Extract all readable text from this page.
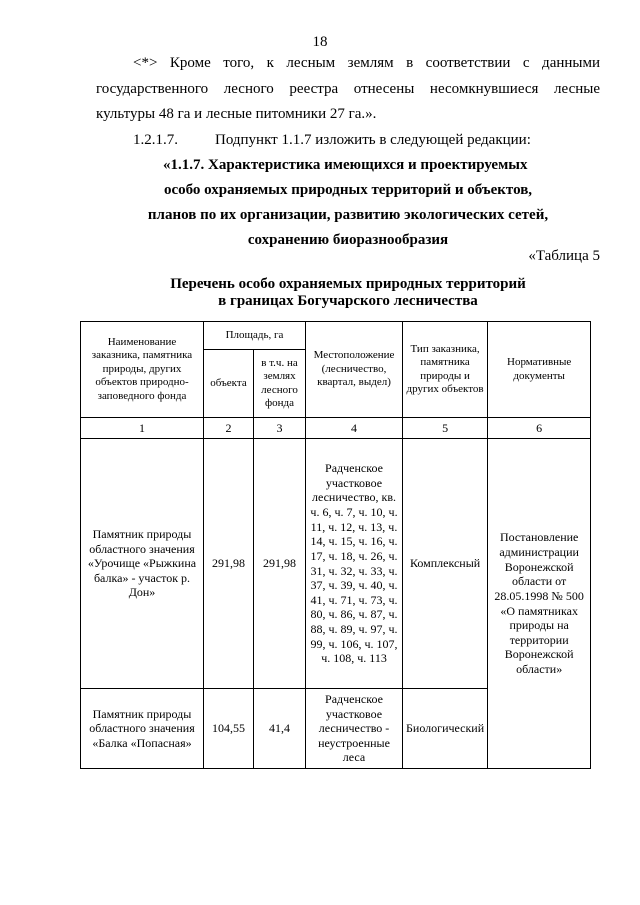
18
<*> Кроме того, к лесным землям в соответствии с данными
государственного лесного реестра отнесены несомкнувшиеся лесные
культуры 48 га и лесные питомники 27 га.».
1.2.1.7. Подпункт 1.1.7 изложить в следующей редакции:
«1.1.7. Характеристика имеющихся и проектируемых
особо охраняемых природных территорий и объектов,
планов по их организации, развитию экологических сетей,
сохранению биоразнообразия
«Таблица 5
Перечень особо охраняемых природных территорий
в границах Богучарского лесничества
Наименование заказника, памятника природы, других объектов природно-заповедного фонда	Площадь, га		Местоположение (лесничество, квартал, выдел)	Тип заказника, памятника природы и других объектов	Нормативные документы
	объекта	в т.ч. на землях лесного фонда			
1	2	3	4	5	6
Памятник природы областного значения «Урочище «Рыжкина балка» - участок р. Дон»	291,98	291,98	Радченское участковое лесничество, кв. ч. 6, ч. 7, ч. 10, ч. 11, ч. 12, ч. 13, ч. 14, ч. 15, ч. 16, ч. 17, ч. 18, ч. 26, ч. 31, ч. 32, ч. 33, ч. 37, ч. 39, ч. 40, ч. 41, ч. 71, ч. 73, ч. 80, ч. 86, ч. 87, ч. 88, ч. 89, ч. 97, ч. 99, ч. 106, ч. 107, ч. 108, ч. 113	Комплексный	Постановление администрации Воронежской области от 28.05.1998 № 500 «О памятниках природы на территории Воронежской области»
Памятник природы областного значения «Балка «Попасная»	104,55	41,4	Радченское участковое лесничество - неустроенные леса	Биологический	
